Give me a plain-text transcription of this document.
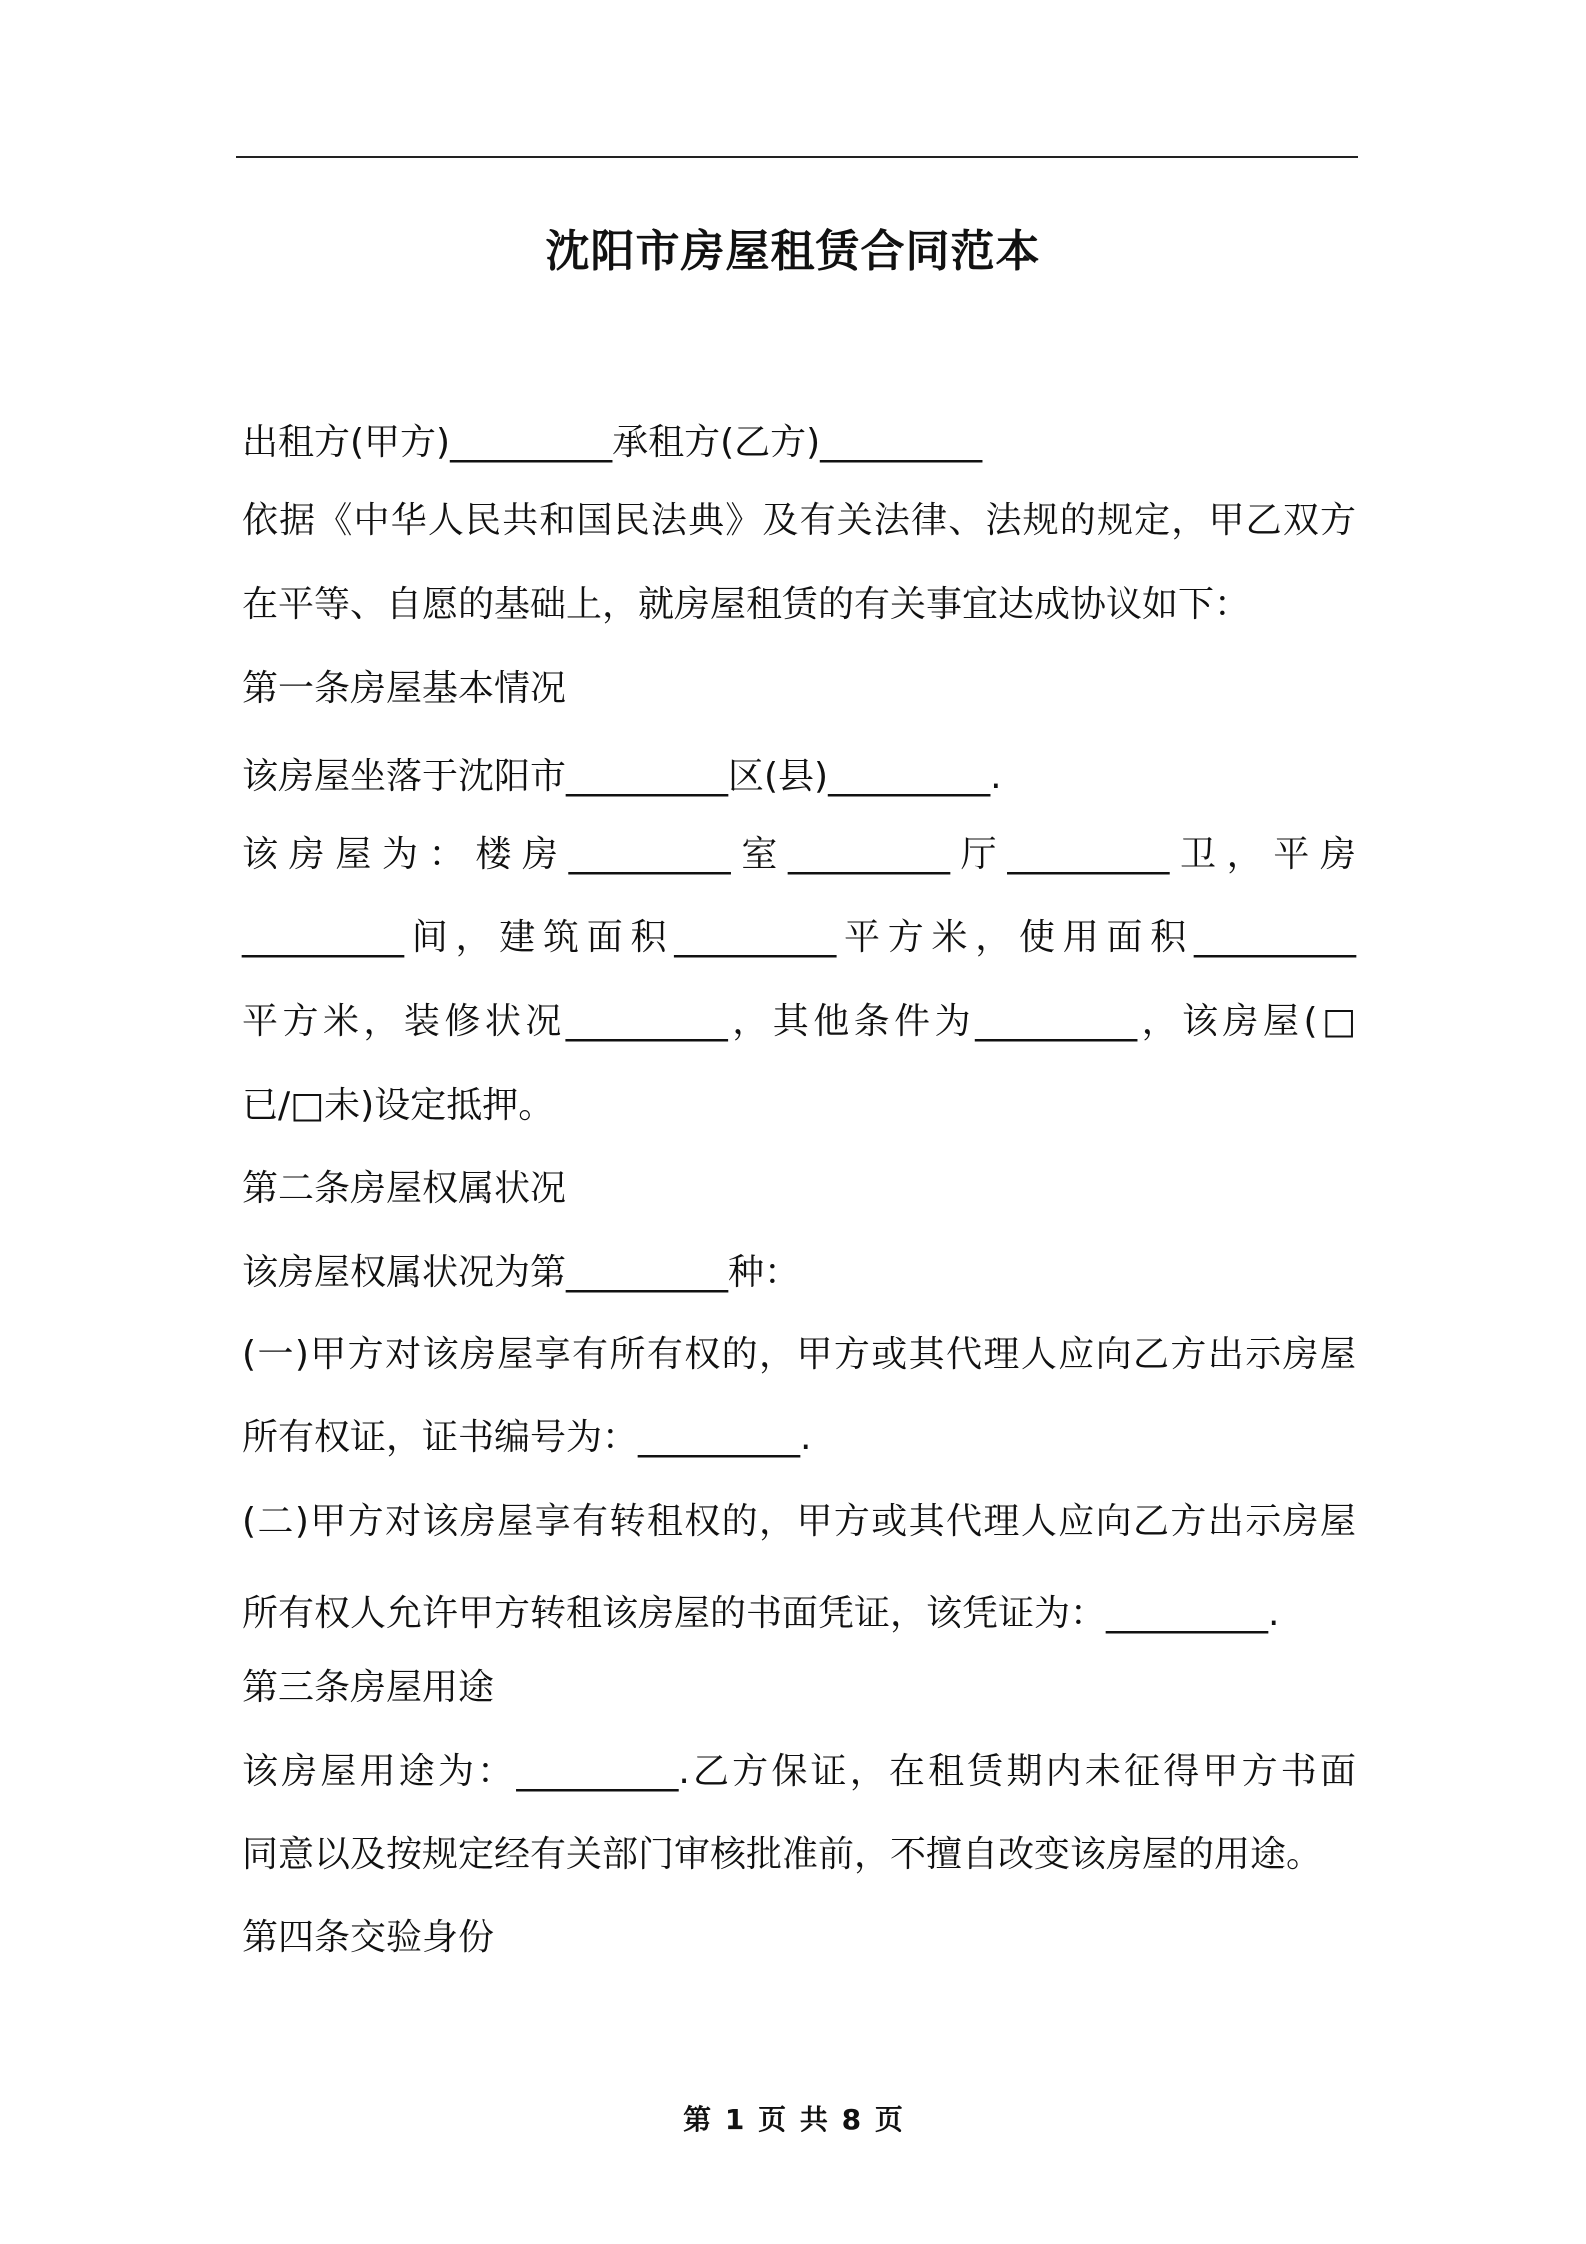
沈阳市房屋租赁合同范本
出租方(甲方)_________承租方(乙方)_________
依据《中华人民共和国民法典》及有关法律、法规的规定，甲乙双方
在平等、自愿的基础上，就房屋租赁的有关事宜达成协议如下：
第一条房屋基本情况
该房屋坐落于沈阳市_________区(县)_________.
该房屋为：楼房_________室_________厅_________卫，平房
_________间，建筑面积_________平方米，使用面积_________
平方米，装修状况_________，其他条件为_________，该房屋(□
已/□未)设定抵押。
第二条房屋权属状况
该房屋权属状况为第_________种：
(一)甲方对该房屋享有所有权的，甲方或其代理人应向乙方出示房屋
所有权证，证书编号为：_________.
(二)甲方对该房屋享有转租权的，甲方或其代理人应向乙方出示房屋
所有权人允许甲方转租该房屋的书面凭证，该凭证为：_________.
第三条房屋用途
该房屋用途为：_________.乙方保证，在租赁期内未征得甲方书面
同意以及按规定经有关部门审核批准前，不擅自改变该房屋的用途。
第四条交验身份
第 1 页 共 8 页
